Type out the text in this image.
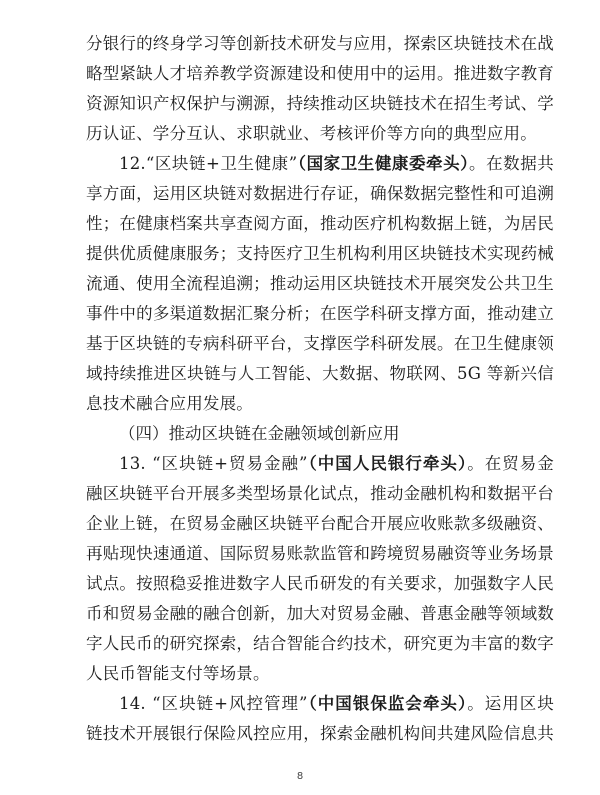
分银行的终身学习等创新技术研发与应用，探索区块链技术在战
略型紧缺人才培养教学资源建设和使用中的运用。推进数字教育
资源知识产权保护与溯源，持续推动区块链技术在招生考试、学
历认证、学分互认、求职就业、考核评价等方向的典型应用。
12.“区块链+卫生健康”（国家卫生健康委牵头）。在数据共
享方面，运用区块链对数据进行存证，确保数据完整性和可追溯
性；在健康档案共享查阅方面，推动医疗机构数据上链，为居民
提供优质健康服务；支持医疗卫生机构利用区块链技术实现药械
流通、使用全流程追溯；推动运用区块链技术开展突发公共卫生
事件中的多渠道数据汇聚分析；在医学科研支撑方面，推动建立
基于区块链的专病科研平台，支撑医学科研发展。在卫生健康领
域持续推进区块链与人工智能、大数据、物联网、5G 等新兴信
息技术融合应用发展。
（四）推动区块链在金融领域创新应用
13. “区块链+贸易金融”（中国人民银行牵头）。在贸易金
融区块链平台开展多类型场景化试点，推动金融机构和数据平台
企业上链，在贸易金融区块链平台配合开展应收账款多级融资、
再贴现快速通道、国际贸易账款监管和跨境贸易融资等业务场景
试点。按照稳妥推进数字人民币研发的有关要求，加强数字人民
币和贸易金融的融合创新，加大对贸易金融、普惠金融等领域数
字人民币的研究探索，结合智能合约技术，研究更为丰富的数字
人民币智能支付等场景。
14. “区块链+风控管理”（中国银保监会牵头）。运用区块
链技术开展银行保险风控应用，探索金融机构间共建风险信息共
8
